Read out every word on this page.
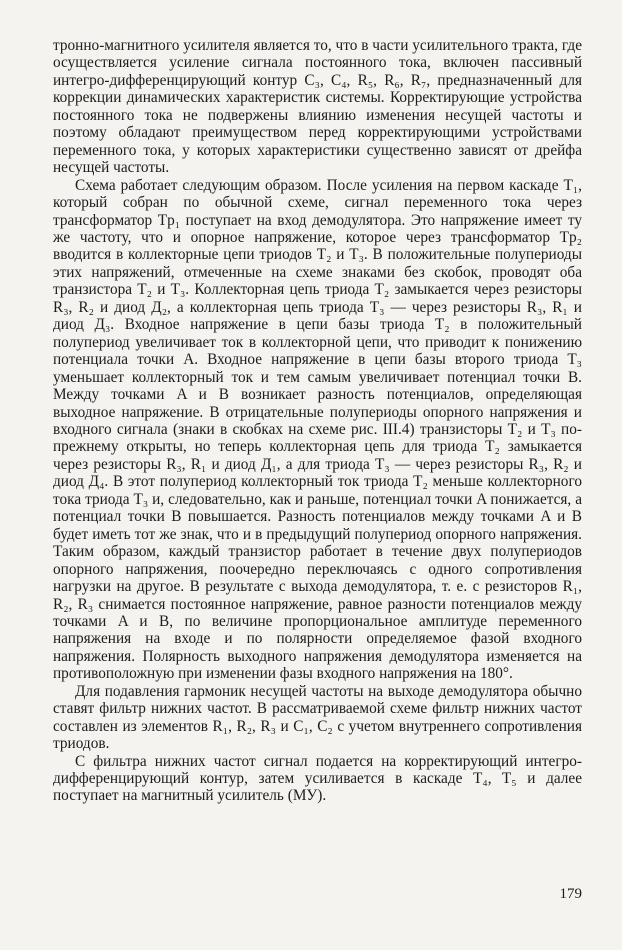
тронно-магнитного усилителя является то, что в части усилительного тракта, где осуществляется усиление сигнала постоянного тока, включен пассивный интегро-дифференцирующий контур C₃, C₄, R₅, R₆, R₇, предназначенный для коррекции динамических характеристик системы. Корректирующие устройства постоянного тока не подвержены влиянию изменения несущей частоты и поэтому обладают преимуществом перед корректирующими устройствами переменного тока, у которых характеристики существенно зависят от дрейфа несущей частоты.

Схема работает следующим образом. После усиления на первом каскаде T₁, который собран по обычной схеме, сигнал переменного тока через трансформатор Tp₁ поступает на вход демодулятора. Это напряжение имеет ту же частоту, что и опорное напряжение, которое через трансформатор Tp₂ вводится в коллекторные цепи триодов T₂ и T₃. В положительные полупериоды этих напряжений, отмеченные на схеме знаками без скобок, проводят оба транзистора T₂ и T₃. Коллекторная цепь триода T₂ замыкается через резисторы R₃, R₂ и диод Д₂, а коллекторная цепь триода T₃ — через резисторы R₃, R₁ и диод Д₃. Входное напряжение в цепи базы триода T₂ в положительный полупериод увеличивает ток в коллекторной цепи, что приводит к понижению потенциала точки A. Входное напряжение в цепи базы второго триода T₃ уменьшает коллекторный ток и тем самым увеличивает потенциал точки B. Между точками A и B возникает разность потенциалов, определяющая выходное напряжение. В отрицательные полупериоды опорного напряжения и входного сигнала (знаки в скобках на схеме рис. III.4) транзисторы T₂ и T₃ по-прежнему открыты, но теперь коллекторная цепь для триода T₂ замыкается через резисторы R₃, R₁ и диод Д₁, а для триода T₃ — через резисторы R₃, R₂ и диод Д₄. В этот полупериод коллекторный ток триода T₂ меньше коллекторного тока триода T₃ и, следовательно, как и раньше, потенциал точки A понижается, а потенциал точки B повышается. Разность потенциалов между точками A и B будет иметь тот же знак, что и в предыдущий полупериод опорного напряжения. Таким образом, каждый транзистор работает в течение двух полупериодов опорного напряжения, поочередно переключаясь с одного сопротивления нагрузки на другое. В результате с выхода демодулятора, т. е. с резисторов R₁, R₂, R₃ снимается постоянное напряжение, равное разности потенциалов между точками A и B, по величине пропорциональное амплитуде переменного напряжения на входе и по полярности определяемое фазой входного напряжения. Полярность выходного напряжения демодулятора изменяется на противоположную при изменении фазы входного напряжения на 180°.

Для подавления гармоник несущей частоты на выходе демодулятора обычно ставят фильтр нижних частот. В рассматриваемой схеме фильтр нижних частот составлен из элементов R₁, R₂, R₃ и C₁, C₂ с учетом внутреннего сопротивления триодов.

С фильтра нижних частот сигнал подается на корректирующий интегро-дифференцирующий контур, затем усиливается в каскаде T₄, T₅ и далее поступает на магнитный усилитель (MУ).

179
